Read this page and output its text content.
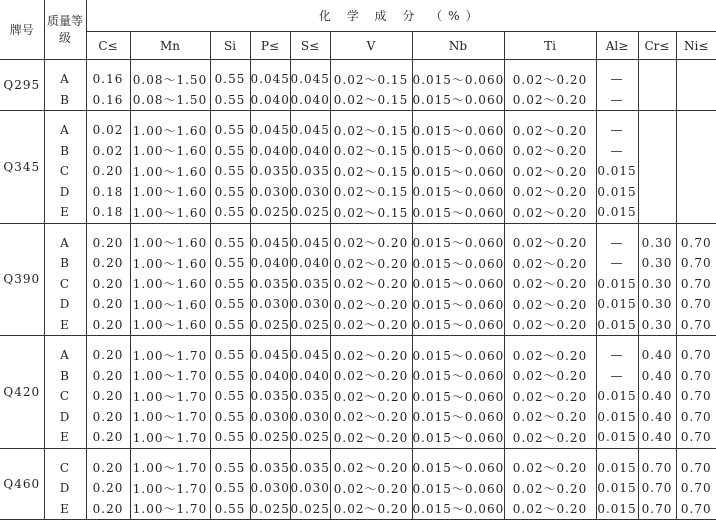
牌号	质量等级	化 学 成 分 （%）										
		C≤	Mn	Si	P≤	S≤	V	Nb	Ti	Al≥	Cr≤	Ni≤
Q295	A	0.16	0.08～1.50	0.55	0.045	0.045	0.02～0.15	0.015～0.060	0.02～0.20	—		
	B	0.16	0.08～1.50	0.55	0.040	0.040	0.02～0.15	0.015～0.060	0.02～0.20	—		
Q345	A	0.02	1.00～1.60	0.55	0.045	0.045	0.02～0.15	0.015～0.060	0.02～0.20	—		
	B	0.02	1.00～1.60	0.55	0.040	0.040	0.02～0.15	0.015～0.060	0.02～0.20	—		
	C	0.20	1.00～1.60	0.55	0.035	0.035	0.02～0.15	0.015～0.060	0.02～0.20	0.015		
	D	0.18	1.00～1.60	0.55	0.030	0.030	0.02～0.15	0.015～0.060	0.02～0.20	0.015		
	E	0.18	1.00～1.60	0.55	0.025	0.025	0.02～0.15	0.015～0.060	0.02～0.20	0.015		
Q390	A	0.20	1.00～1.60	0.55	0.045	0.045	0.02～0.20	0.015～0.060	0.02～0.20	—	0.30	0.70
	B	0.20	1.00～1.60	0.55	0.040	0.040	0.02～0.20	0.015～0.060	0.02～0.20	—	0.30	0.70
	C	0.20	1.00～1.60	0.55	0.035	0.035	0.02～0.20	0.015～0.060	0.02～0.20	0.015	0.30	0.70
	D	0.20	1.00～1.60	0.55	0.030	0.030	0.02～0.20	0.015～0.060	0.02～0.20	0.015	0.30	0.70
	E	0.20	1.00～1.60	0.55	0.025	0.025	0.02～0.20	0.015～0.060	0.02～0.20	0.015	0.30	0.70
Q420	A	0.20	1.00～1.70	0.55	0.045	0.045	0.02～0.20	0.015～0.060	0.02～0.20	—	0.40	0.70
	B	0.20	1.00～1.70	0.55	0.040	0.040	0.02～0.20	0.015～0.060	0.02～0.20	—	0.40	0.70
	C	0.20	1.00～1.70	0.55	0.035	0.035	0.02～0.20	0.015～0.060	0.02～0.20	0.015	0.40	0.70
	D	0.20	1.00～1.70	0.55	0.030	0.030	0.02～0.20	0.015～0.060	0.02～0.20	0.015	0.40	0.70
	E	0.20	1.00～1.70	0.55	0.025	0.025	0.02～0.20	0.015～0.060	0.02～0.20	0.015	0.40	0.70
Q460	C	0.20	1.00～1.70	0.55	0.035	0.035	0.02～0.20	0.015～0.060	0.02～0.20	0.015	0.70	0.70
	D	0.20	1.00～1.70	0.55	0.030	0.030	0.02～0.20	0.015～0.060	0.02～0.20	0.015	0.70	0.70
	E	0.20	1.00～1.70	0.55	0.025	0.025	0.02～0.20	0.015～0.060	0.02～0.20	0.015	0.70	0.70
